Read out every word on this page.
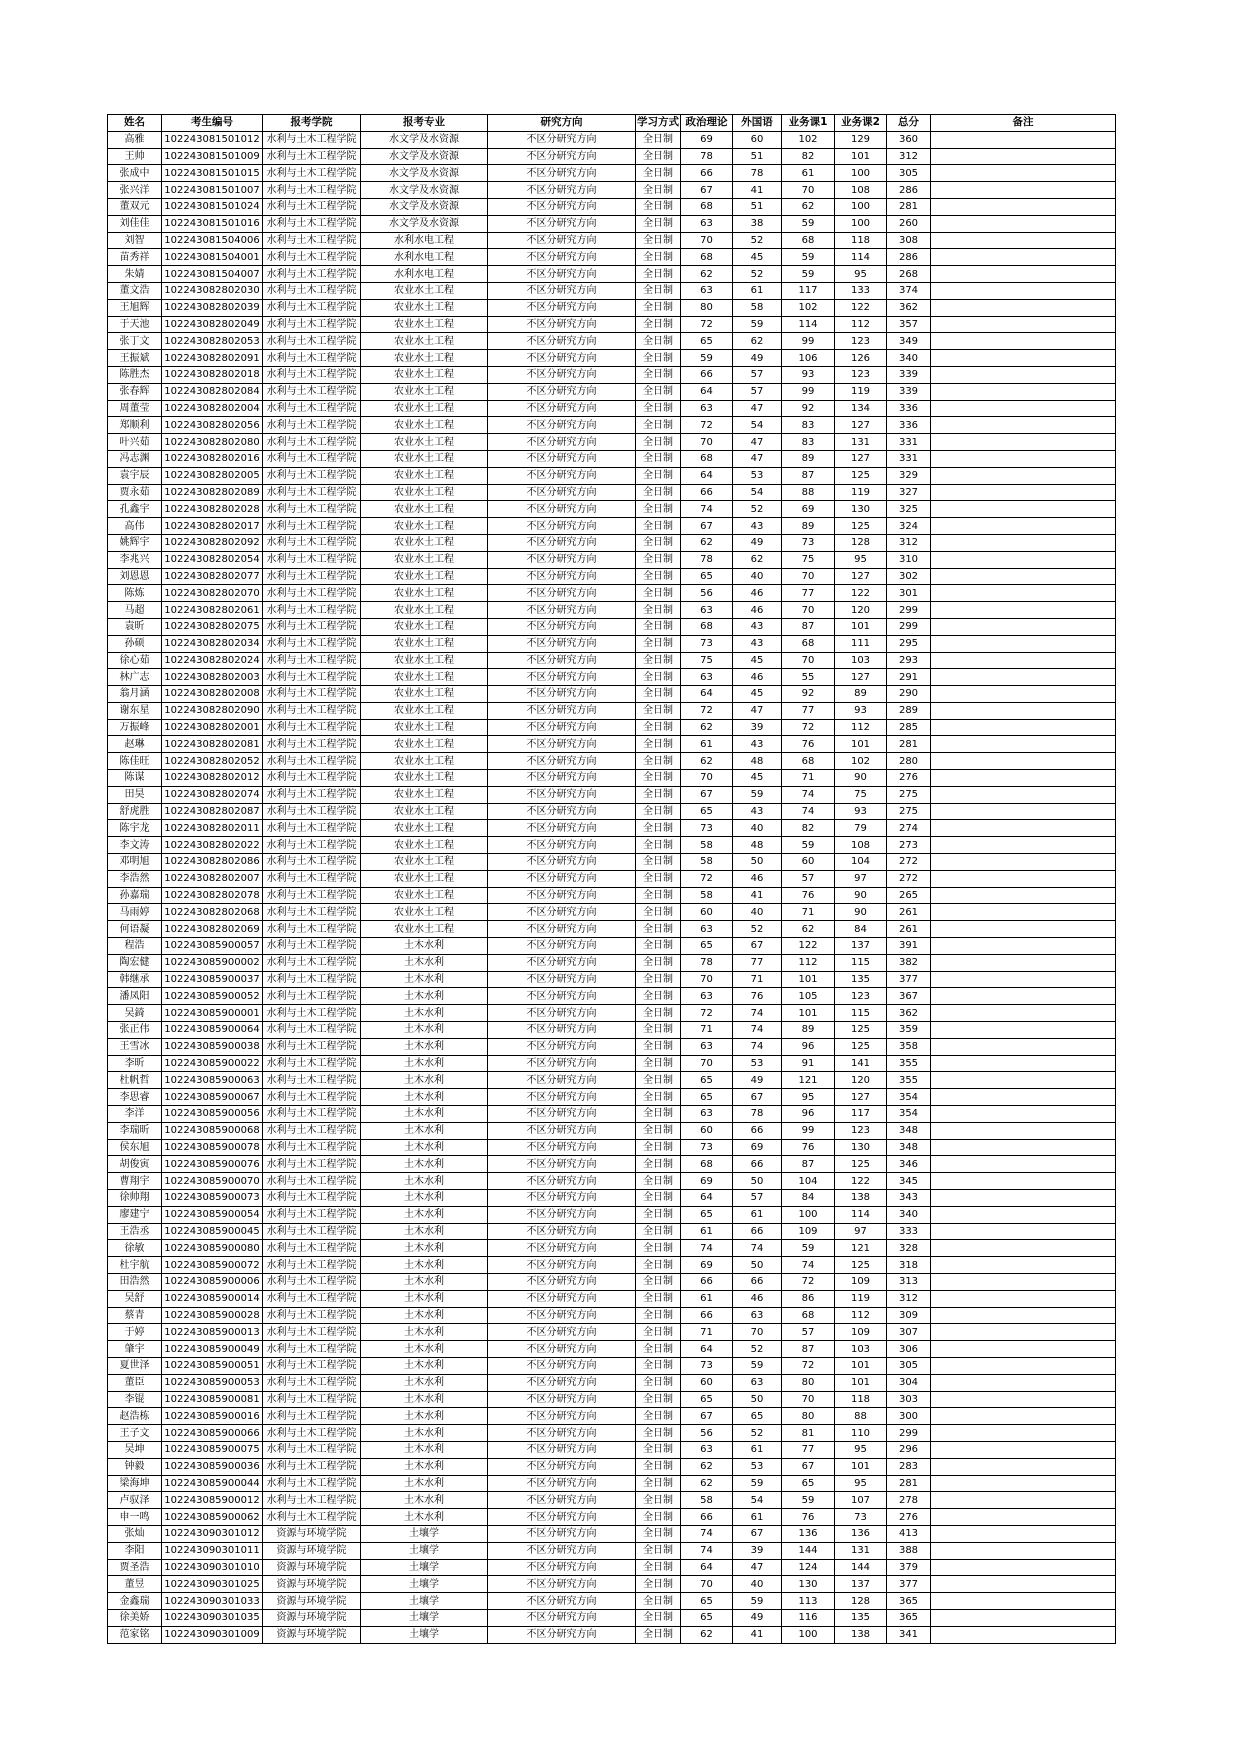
姓名	考生编号	报考学院	报考专业	研究方向	学习方式	政治理论	外国语	业务课1	业务课2	总分	备注
高雅	102243081501012	水利与土木工程学院	水文学及水资源	不区分研究方向	全日制	69	60	102	129	360	
王帅	102243081501009	水利与土木工程学院	水文学及水资源	不区分研究方向	全日制	78	51	82	101	312	
张成中	102243081501015	水利与土木工程学院	水文学及水资源	不区分研究方向	全日制	66	78	61	100	305	
张兴洋	102243081501007	水利与土木工程学院	水文学及水资源	不区分研究方向	全日制	67	41	70	108	286	
董双元	102243081501024	水利与土木工程学院	水文学及水资源	不区分研究方向	全日制	68	51	62	100	281	
刘佳佳	102243081501016	水利与土木工程学院	水文学及水资源	不区分研究方向	全日制	63	38	59	100	260	
刘智	102243081504006	水利与土木工程学院	水利水电工程	不区分研究方向	全日制	70	52	68	118	308	
苗秀祥	102243081504001	水利与土木工程学院	水利水电工程	不区分研究方向	全日制	68	45	59	114	286	
朱婧	102243081504007	水利与土木工程学院	水利水电工程	不区分研究方向	全日制	62	52	59	95	268	
董文浩	102243082802030	水利与土木工程学院	农业水土工程	不区分研究方向	全日制	63	61	117	133	374	
王旭辉	102243082802039	水利与土木工程学院	农业水土工程	不区分研究方向	全日制	80	58	102	122	362	
于天池	102243082802049	水利与土木工程学院	农业水土工程	不区分研究方向	全日制	72	59	114	112	357	
张丁文	102243082802053	水利与土木工程学院	农业水土工程	不区分研究方向	全日制	65	62	99	123	349	
王振斌	102243082802091	水利与土木工程学院	农业水土工程	不区分研究方向	全日制	59	49	106	126	340	
陈胜杰	102243082802018	水利与土木工程学院	农业水土工程	不区分研究方向	全日制	66	57	93	123	339	
张春辉	102243082802084	水利与土木工程学院	农业水土工程	不区分研究方向	全日制	64	57	99	119	339	
周董莹	102243082802004	水利与土木工程学院	农业水土工程	不区分研究方向	全日制	63	47	92	134	336	
郑顺利	102243082802056	水利与土木工程学院	农业水土工程	不区分研究方向	全日制	72	54	83	127	336	
叶兴茹	102243082802080	水利与土木工程学院	农业水土工程	不区分研究方向	全日制	70	47	83	131	331	
冯志渊	102243082802016	水利与土木工程学院	农业水土工程	不区分研究方向	全日制	68	47	89	127	331	
袁宇辰	102243082802005	水利与土木工程学院	农业水土工程	不区分研究方向	全日制	64	53	87	125	329	
贾永茹	102243082802089	水利与土木工程学院	农业水土工程	不区分研究方向	全日制	66	54	88	119	327	
孔鑫宇	102243082802028	水利与土木工程学院	农业水土工程	不区分研究方向	全日制	74	52	69	130	325	
高伟	102243082802017	水利与土木工程学院	农业水土工程	不区分研究方向	全日制	67	43	89	125	324	
姚辉宇	102243082802092	水利与土木工程学院	农业水土工程	不区分研究方向	全日制	62	49	73	128	312	
李兆兴	102243082802054	水利与土木工程学院	农业水土工程	不区分研究方向	全日制	78	62	75	95	310	
刘恩恩	102243082802077	水利与土木工程学院	农业水土工程	不区分研究方向	全日制	65	40	70	127	302	
陈炼	102243082802070	水利与土木工程学院	农业水土工程	不区分研究方向	全日制	56	46	77	122	301	
马超	102243082802061	水利与土木工程学院	农业水土工程	不区分研究方向	全日制	63	46	70	120	299	
袁昕	102243082802075	水利与土木工程学院	农业水土工程	不区分研究方向	全日制	68	43	87	101	299	
孙硕	102243082802034	水利与土木工程学院	农业水土工程	不区分研究方向	全日制	73	43	68	111	295	
徐心茹	102243082802024	水利与土木工程学院	农业水土工程	不区分研究方向	全日制	75	45	70	103	293	
林广志	102243082802003	水利与土木工程学院	农业水土工程	不区分研究方向	全日制	63	46	55	127	291	
翁月涵	102243082802008	水利与土木工程学院	农业水土工程	不区分研究方向	全日制	64	45	92	89	290	
谢东星	102243082802090	水利与土木工程学院	农业水土工程	不区分研究方向	全日制	72	47	77	93	289	
万振峰	102243082802001	水利与土木工程学院	农业水土工程	不区分研究方向	全日制	62	39	72	112	285	
赵琳	102243082802081	水利与土木工程学院	农业水土工程	不区分研究方向	全日制	61	43	76	101	281	
陈佳旺	102243082802052	水利与土木工程学院	农业水土工程	不区分研究方向	全日制	62	48	68	102	280	
陈谋	102243082802012	水利与土木工程学院	农业水土工程	不区分研究方向	全日制	70	45	71	90	276	
田昊	102243082802074	水利与土木工程学院	农业水土工程	不区分研究方向	全日制	67	59	74	75	275	
舒虎胜	102243082802087	水利与土木工程学院	农业水土工程	不区分研究方向	全日制	65	43	74	93	275	
陈宇龙	102243082802011	水利与土木工程学院	农业水土工程	不区分研究方向	全日制	73	40	82	79	274	
李文涛	102243082802022	水利与土木工程学院	农业水土工程	不区分研究方向	全日制	58	48	59	108	273	
邓明旭	102243082802086	水利与土木工程学院	农业水土工程	不区分研究方向	全日制	58	50	60	104	272	
李浩然	102243082802007	水利与土木工程学院	农业水土工程	不区分研究方向	全日制	72	46	57	97	272	
孙嘉瑞	102243082802078	水利与土木工程学院	农业水土工程	不区分研究方向	全日制	58	41	76	90	265	
马雨婷	102243082802068	水利与土木工程学院	农业水土工程	不区分研究方向	全日制	60	40	71	90	261	
何语凝	102243082802069	水利与土木工程学院	农业水土工程	不区分研究方向	全日制	63	52	62	84	261	
程浩	102243085900057	水利与土木工程学院	土木水利	不区分研究方向	全日制	65	67	122	137	391	
陶宏健	102243085900002	水利与土木工程学院	土木水利	不区分研究方向	全日制	78	77	112	115	382	
韩继承	102243085900037	水利与土木工程学院	土木水利	不区分研究方向	全日制	70	71	101	135	377	
潘凤阳	102243085900052	水利与土木工程学院	土木水利	不区分研究方向	全日制	63	76	105	123	367	
吴錡	102243085900001	水利与土木工程学院	土木水利	不区分研究方向	全日制	72	74	101	115	362	
张正伟	102243085900064	水利与土木工程学院	土木水利	不区分研究方向	全日制	71	74	89	125	359	
王雪冰	102243085900038	水利与土木工程学院	土木水利	不区分研究方向	全日制	63	74	96	125	358	
李昕	102243085900022	水利与土木工程学院	土木水利	不区分研究方向	全日制	70	53	91	141	355	
杜帆哲	102243085900063	水利与土木工程学院	土木水利	不区分研究方向	全日制	65	49	121	120	355	
李思睿	102243085900067	水利与土木工程学院	土木水利	不区分研究方向	全日制	65	67	95	127	354	
李洋	102243085900056	水利与土木工程学院	土木水利	不区分研究方向	全日制	63	78	96	117	354	
李瑞昕	102243085900068	水利与土木工程学院	土木水利	不区分研究方向	全日制	60	66	99	123	348	
侯东旭	102243085900078	水利与土木工程学院	土木水利	不区分研究方向	全日制	73	69	76	130	348	
胡俊寅	102243085900076	水利与土木工程学院	土木水利	不区分研究方向	全日制	68	66	87	125	346	
曹翔宇	102243085900070	水利与土木工程学院	土木水利	不区分研究方向	全日制	69	50	104	122	345	
徐帅翔	102243085900073	水利与土木工程学院	土木水利	不区分研究方向	全日制	64	57	84	138	343	
廖建宁	102243085900054	水利与土木工程学院	土木水利	不区分研究方向	全日制	65	61	100	114	340	
王浩丞	102243085900045	水利与土木工程学院	土木水利	不区分研究方向	全日制	61	66	109	97	333	
徐敏	102243085900080	水利与土木工程学院	土木水利	不区分研究方向	全日制	74	74	59	121	328	
杜宇航	102243085900072	水利与土木工程学院	土木水利	不区分研究方向	全日制	69	50	74	125	318	
田浩然	102243085900006	水利与土木工程学院	土木水利	不区分研究方向	全日制	66	66	72	109	313	
吴舒	102243085900014	水利与土木工程学院	土木水利	不区分研究方向	全日制	61	46	86	119	312	
蔡青	102243085900028	水利与土木工程学院	土木水利	不区分研究方向	全日制	66	63	68	112	309	
于婷	102243085900013	水利与土木工程学院	土木水利	不区分研究方向	全日制	71	70	57	109	307	
肇宇	102243085900049	水利与土木工程学院	土木水利	不区分研究方向	全日制	64	52	87	103	306	
夏世泽	102243085900051	水利与土木工程学院	土木水利	不区分研究方向	全日制	73	59	72	101	305	
董臣	102243085900053	水利与土木工程学院	土木水利	不区分研究方向	全日制	60	63	80	101	304	
李锟	102243085900081	水利与土木工程学院	土木水利	不区分研究方向	全日制	65	50	70	118	303	
赵浩栋	102243085900016	水利与土木工程学院	土木水利	不区分研究方向	全日制	67	65	80	88	300	
王子文	102243085900066	水利与土木工程学院	土木水利	不区分研究方向	全日制	56	52	81	110	299	
吴坤	102243085900075	水利与土木工程学院	土木水利	不区分研究方向	全日制	63	61	77	95	296	
钟毅	102243085900036	水利与土木工程学院	土木水利	不区分研究方向	全日制	62	53	67	101	283	
梁海坤	102243085900044	水利与土木工程学院	土木水利	不区分研究方向	全日制	62	59	65	95	281	
卢驭泽	102243085900012	水利与土木工程学院	土木水利	不区分研究方向	全日制	58	54	59	107	278	
申一鸣	102243085900062	水利与土木工程学院	土木水利	不区分研究方向	全日制	66	61	76	73	276	
张灿	102243090301012	资源与环境学院	土壤学	不区分研究方向	全日制	74	67	136	136	413	
李阳	102243090301011	资源与环境学院	土壤学	不区分研究方向	全日制	74	39	144	131	388	
贾圣浩	102243090301010	资源与环境学院	土壤学	不区分研究方向	全日制	64	47	124	144	379	
董昱	102243090301025	资源与环境学院	土壤学	不区分研究方向	全日制	70	40	130	137	377	
金鑫瑞	102243090301033	资源与环境学院	土壤学	不区分研究方向	全日制	65	59	113	128	365	
徐美娇	102243090301035	资源与环境学院	土壤学	不区分研究方向	全日制	65	49	116	135	365	
范家铭	102243090301009	资源与环境学院	土壤学	不区分研究方向	全日制	62	41	100	138	341	
